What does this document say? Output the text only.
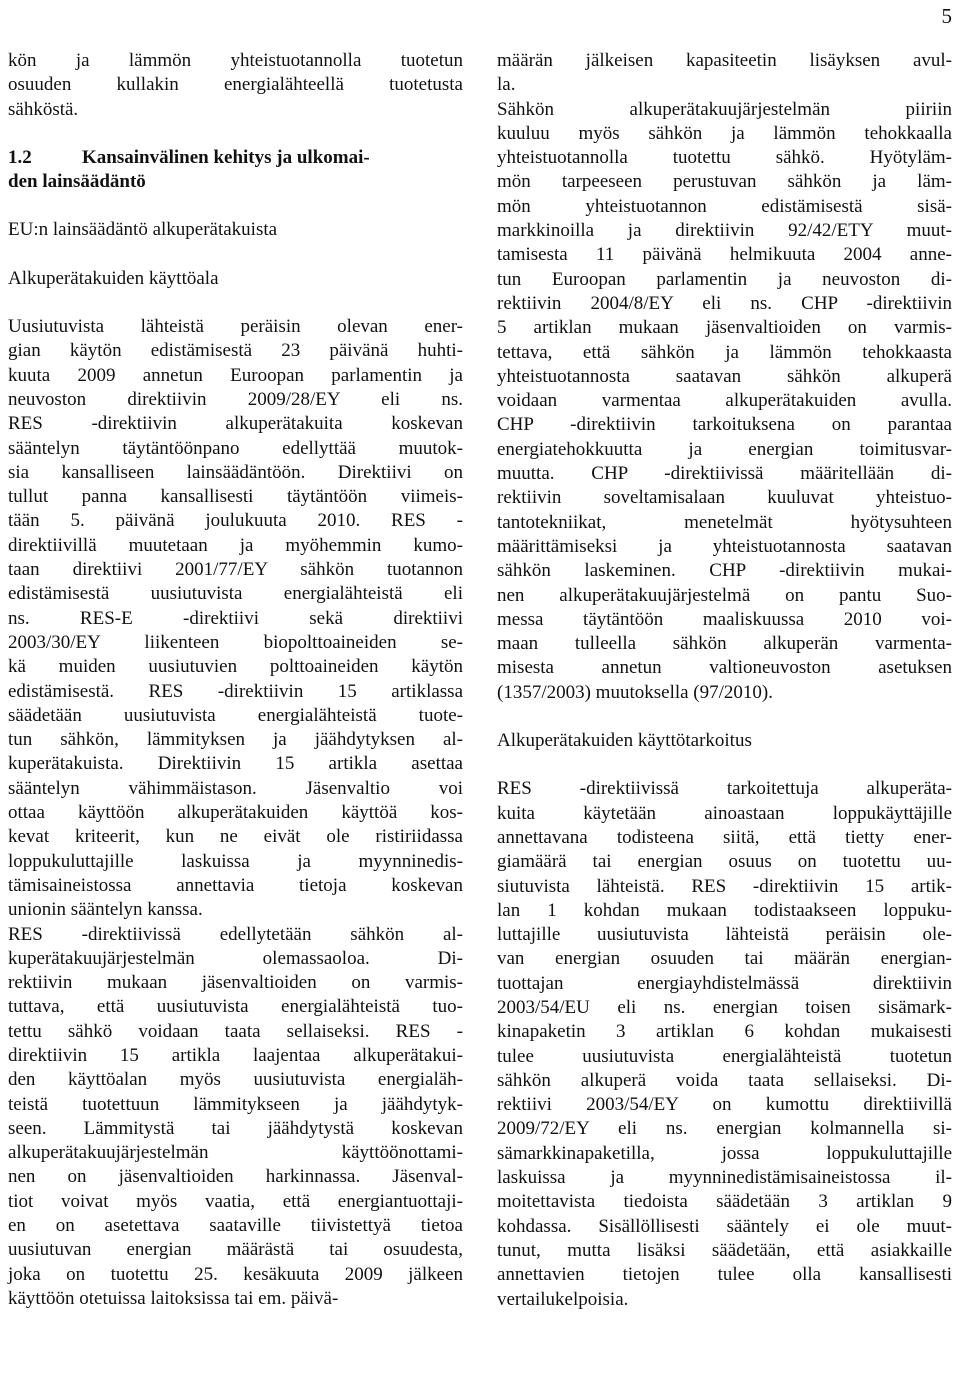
5
kön ja lämmön yhteistuotannolla tuotetun
osuuden kullakin energialähteellä tuotetusta
sähköstä.
1.2	Kansainvälinen kehitys ja ulkomai-
den lainsäädäntö
EU:n lainsäädäntö alkuperätakuista
Alkuperätakuiden käyttöala
Uusiutuvista lähteistä peräisin olevan ener-
gian käytön edistämisestä 23 päivänä huhti-
kuuta 2009 annetun Euroopan parlamentin ja
neuvoston direktiivin 2009/28/EY eli ns.
RES -direktiivin alkuperätakuita koskevan
sääntelyn täytäntöönpano edellyttää muutok-
sia kansalliseen lainsäädäntöön. Direktiivi on
tullut panna kansallisesti täytäntöön viimeis-
tään 5. päivänä joulukuuta 2010. RES -
direktiivillä muutetaan ja myöhemmin kumo-
taan direktiivi 2001/77/EY sähkön tuotannon
edistämisestä uusiutuvista energialähteistä eli
ns. RES-E -direktiivi sekä direktiivi
2003/30/EY liikenteen biopolttoaineiden se-
kä muiden uusiutuvien polttoaineiden käytön
edistämisestä. RES -direktiivin 15 artiklassa
säädetään uusiutuvista energialähteistä tuote-
tun sähkön, lämmityksen ja jäähdytyksen al-
kuperätakuista. Direktiivin 15 artikla asettaa
sääntelyn vähimmäistason. Jäsenvaltio voi
ottaa käyttöön alkuperätakuiden käyttöä kos-
kevat kriteerit, kun ne eivät ole ristiriidassa
loppukuluttajille laskuissa ja myynninedis-
tämisaineistossa annettavia tietoja koskevan
unionin sääntelyn kanssa.
RES -direktiivissä edellytetään sähkön al-
kuperätakuujärjestelmän olemassaoloa. Di-
rektiivin mukaan jäsenvaltioiden on varmis-
tuttava, että uusiutuvista energialähteistä tuo-
tettu sähkö voidaan taata sellaiseksi. RES -
direktiivin 15 artikla laajentaa alkuperätakui-
den käyttöalan myös uusiutuvista energialäh-
teistä tuotettuun lämmitykseen ja jäähdytyk-
seen. Lämmitystä tai jäähdytystä koskevan
alkuperätakuujärjestelmän käyttöönottami-
nen on jäsenvaltioiden harkinnassa. Jäsenval-
tiot voivat myös vaatia, että energiantuottaji-
en on asetettava saataville tiivistettyä tietoa
uusiutuvan energian määrästä tai osuudesta,
joka on tuotettu 25. kesäkuuta 2009 jälkeen
käyttöön otetuissa laitoksissa tai em. päivä-
määrän jälkeisen kapasiteetin lisäyksen avul-
la.
Sähkön alkuperätakuujärjestelmän piiriin
kuuluu myös sähkön ja lämmön tehokkaalla
yhteistuotannolla tuotettu sähkö. Hyötyläm-
mön tarpeeseen perustuvan sähkön ja läm-
mön yhteistuotannon edistämisestä sisä-
markkinoilla ja direktiivin 92/42/ETY muut-
tamisesta 11 päivänä helmikuuta 2004 anne-
tun Euroopan parlamentin ja neuvoston di-
rektiivin 2004/8/EY eli ns. CHP -direktiivin
5 artiklan mukaan jäsenvaltioiden on varmis-
tettava, että sähkön ja lämmön tehokkaasta
yhteistuotannosta saatavan sähkön alkuperä
voidaan varmentaa alkuperätakuiden avulla.
CHP -direktiivin tarkoituksena on parantaa
energiatehokkuutta ja energian toimitusvar-
muutta. CHP -direktiivissä määritellään di-
rektiivin soveltamisalaan kuuluvat yhteistuo-
tantotekniikat, menetelmät hyötysuhteen
määrittämiseksi ja yhteistuotannosta saatavan
sähkön laskeminen. CHP -direktiivin mukai-
nen alkuperätakuujärjestelmä on pantu Suo-
messa täytäntöön maaliskuussa 2010 voi-
maan tulleella sähkön alkuperän varmenta-
misesta annetun valtioneuvoston asetuksen
(1357/2003) muutoksella (97/2010).
Alkuperätakuiden käyttötarkoitus
RES -direktiivissä tarkoitettuja alkuperäta-
kuita käytetään ainoastaan loppukäyttäjille
annettavana todisteena siitä, että tietty ener-
giamäärä tai energian osuus on tuotettu uu-
siutuvista lähteistä. RES -direktiivin 15 artik-
lan 1 kohdan mukaan todistaakseen loppuku-
luttajille uusiutuvista lähteistä peräisin ole-
van energian osuuden tai määrän energian-
tuottajan energiayhdistelmässä direktiivin
2003/54/EU eli ns. energian toisen sisämark-
kinapaketin 3 artiklan 6 kohdan mukaisesti
tulee uusiutuvista energialähteistä tuotetun
sähkön alkuperä voida taata sellaiseksi. Di-
rektiivi 2003/54/EY on kumottu direktiivillä
2009/72/EY eli ns. energian kolmannella si-
sämarkkinapaketilla, jossa loppukuluttajille
laskuissa ja myynninedistämisaineistossa il-
moitettavista tiedoista säädetään 3 artiklan 9
kohdassa. Sisällöllisesti sääntely ei ole muut-
tunut, mutta lisäksi säädetään, että asiakkaille
annettavien tietojen tulee olla kansallisesti
vertailukelpoisia.
